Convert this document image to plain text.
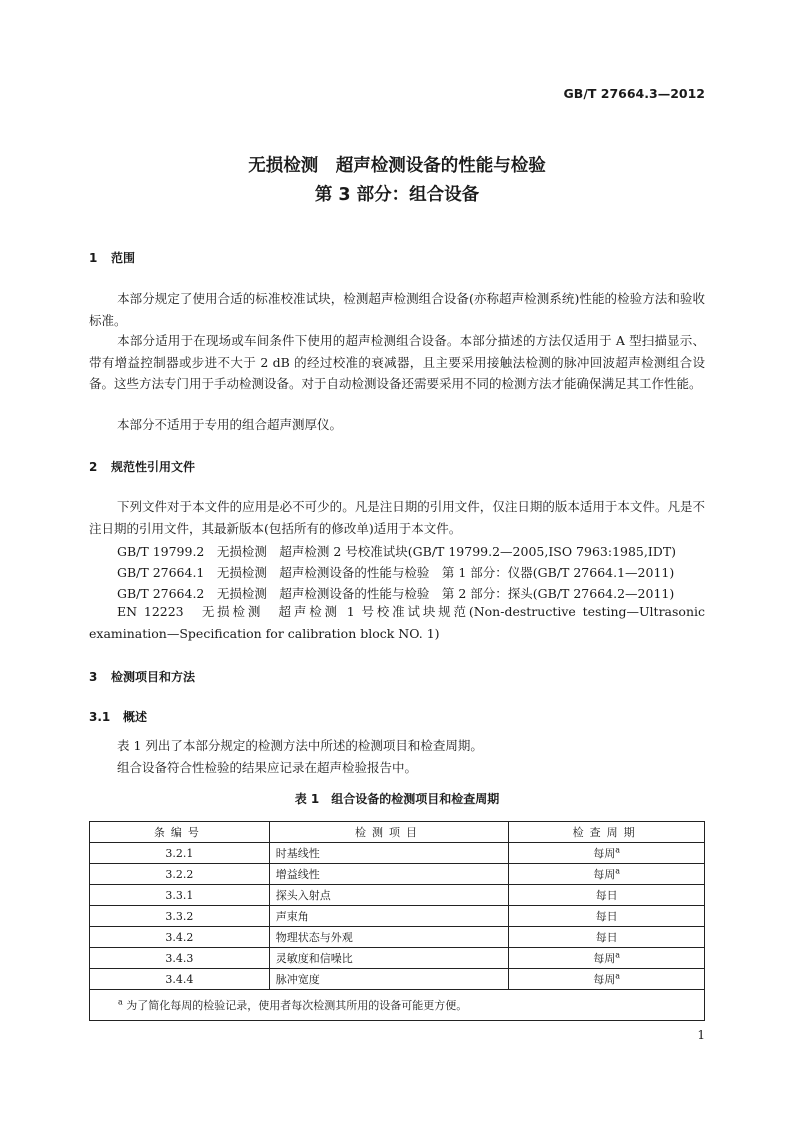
GB/T 27664.3—2012
无损检测　超声检测设备的性能与检验
第 3 部分：组合设备
1 范围
本部分规定了使用合适的标准校准试块，检测超声检测组合设备(亦称超声检测系统)性能的检验方法和验收标准。
本部分适用于在现场或车间条件下使用的超声检测组合设备。本部分描述的方法仅适用于 A 型扫描显示、带有增益控制器或步进不大于 2 dB 的经过校准的衰减器，且主要采用接触法检测的脉冲回波超声检测组合设备。这些方法专门用于手动检测设备。对于自动检测设备还需要采用不同的检测方法才能确保满足其工作性能。
本部分不适用于专用的组合超声测厚仪。
2 规范性引用文件
下列文件对于本文件的应用是必不可少的。凡是注日期的引用文件，仅注日期的版本适用于本文件。凡是不注日期的引用文件，其最新版本(包括所有的修改单)适用于本文件。
GB/T 19799.2　无损检测　超声检测 2 号校准试块(GB/T 19799.2—2005,ISO 7963:1985,IDT)
GB/T 27664.1　无损检测　超声检测设备的性能与检验　第 1 部分：仪器(GB/T 27664.1—2011)
GB/T 27664.2　无损检测　超声检测设备的性能与检验　第 2 部分：探头(GB/T 27664.2—2011)
EN 12223　无损检测　超声检测 1 号校准试块规范(Non-destructive testing—Ultrasonic examination—Specification for calibration block NO. 1)
3 检测项目和方法
3.1 概述
表 1 列出了本部分规定的检测方法中所述的检测项目和检查周期。
组合设备符合性检验的结果应记录在超声检验报告中。
表 1　组合设备的检测项目和检查周期
条编号	检测项目	检查周期
3.2.1	时基线性	每周$^a$
3.2.2	增益线性	每周$^a$
3.3.1	探头入射点	每日
3.3.2	声束角	每日
3.4.2	物理状态与外观	每日
3.4.3	灵敏度和信噪比	每周$^a$
3.4.4	脉冲宽度	每周$^a$
$^a$ 为了简化每周的检验记录，使用者每次检测其所用的设备可能更方便。		
1
